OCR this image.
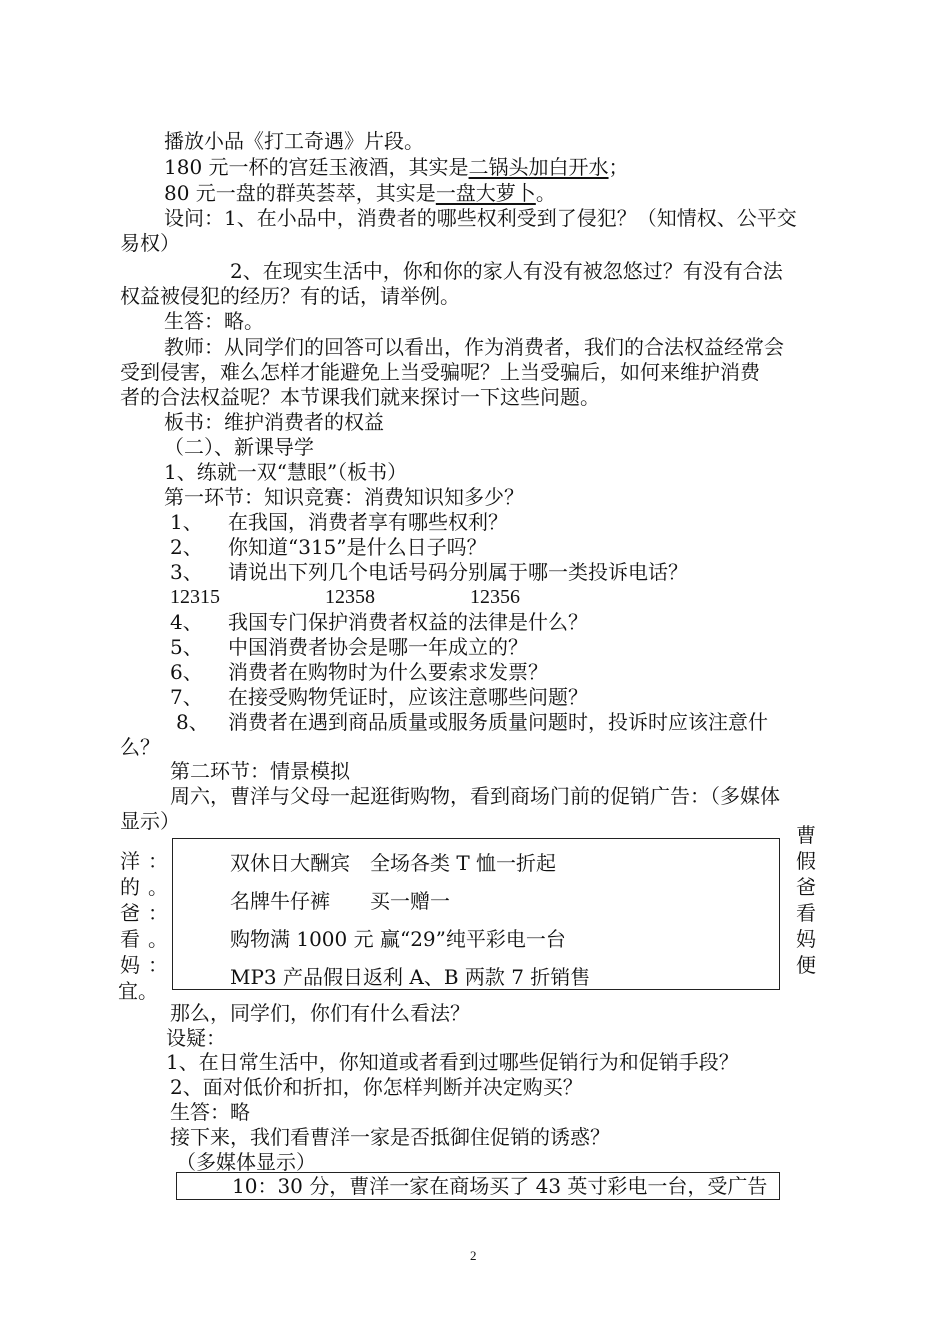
播放小品《打工奇遇》片段。
180 元一杯的宫廷玉液酒，其实是二锅头加白开水；
80 元一盘的群英荟萃，其实是一盘大萝卜。
设问：1、在小品中，消费者的哪些权利受到了侵犯？（知情权、公平交
易权）
2、在现实生活中，你和你的家人有没有被忽悠过？有没有合法
权益被侵犯的经历？有的话，请举例。
生答：略。
教师：从同学们的回答可以看出，作为消费者，我们的合法权益经常会
受到侵害，难么怎样才能避免上当受骗呢？上当受骗后，如何来维护消费
者的合法权益呢？本节课我们就来探讨一下这些问题。
板书：维护消费者的权益
（二）、新课导学
1、练就一双“慧眼”（板书）
第一环节：知识竞赛：消费知识知多少？
1、 在我国，消费者享有哪些权利？
2、 你知道“315”是什么日子吗？
3、 请说出下列几个电话号码分别属于哪一类投诉电话？
12315	12358	12356
4、 我国专门保护消费者权益的法律是什么？
5、 中国消费者协会是哪一年成立的？
6、 消费者在购物时为什么要索求发票？
7、 在接受购物凭证时，应该注意哪些问题？
8、 消费者在遇到商品质量或服务质量问题时，投诉时应该注意什
么？
第二环节：情景模拟
周六，曹洋与父母一起逛街购物，看到商场门前的促销广告：（多媒体
显示）
双休日大酬宾　全场各类 T 恤一折起
名牌牛仔裤　　买一赠一
购物满 1000 元 赢“29”纯平彩电一台
MP3 产品假日返利 A、B 两款 7 折销售
洋
的
爸
看
妈
宜。
：
。
：
。
：
曹
假
爸
看
妈
便
那么，同学们，你们有什么看法？
设疑：
1、在日常生活中，你知道或者看到过哪些促销行为和促销手段？
2、面对低价和折扣，你怎样判断并决定购买？
生答：略
接下来，我们看曹洋一家是否抵御住促销的诱惑？
（多媒体显示）
10：30 分，曹洋一家在商场买了 43 英寸彩电一台，受广告
2
